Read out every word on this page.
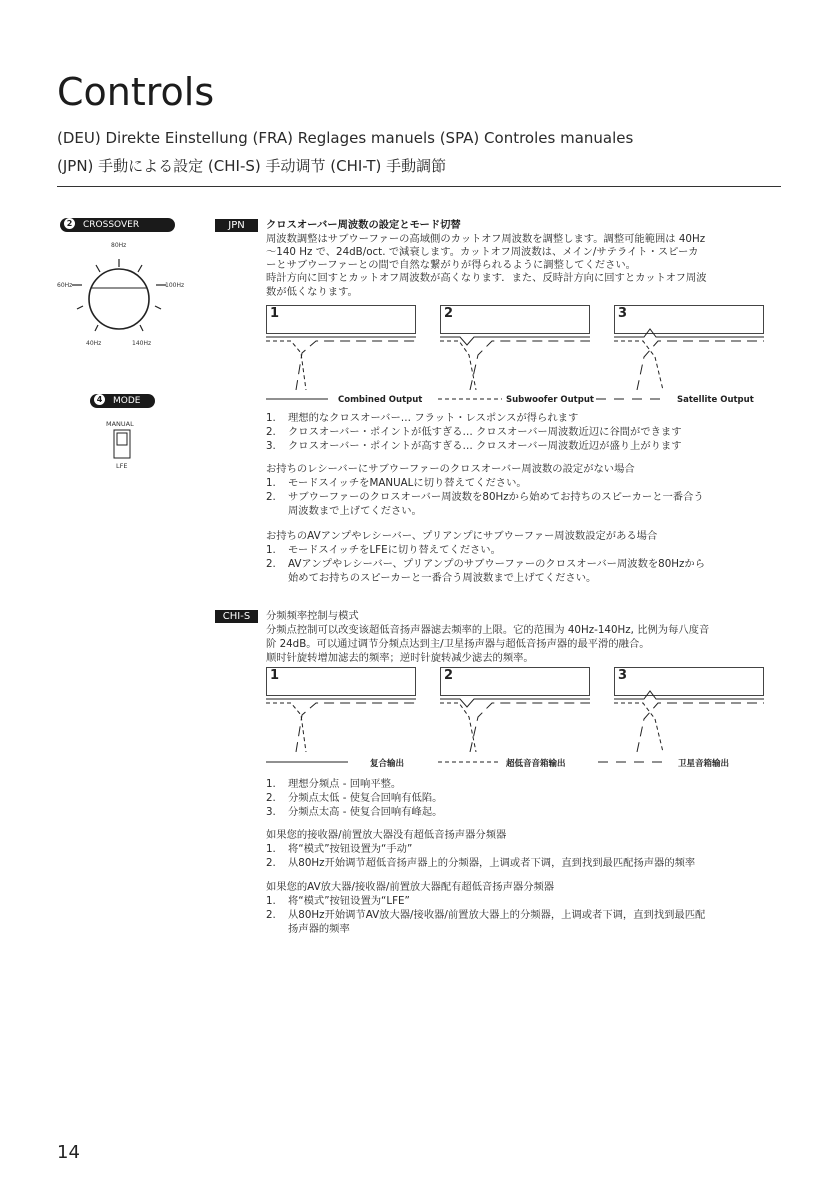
Controls
(DEU) Direkte Einstellung (FRA) Reglages manuels (SPA) Controles manuales
(JPN) 手動による設定 (CHI-S) 手动调节 (CHI-T) 手動調節
2 CROSSOVER
80Hz
60Hz	100Hz
40Hz	140Hz
4 MODE
MANUAL
LFE
JPN	クロスオーバー周波数の設定とモード切替
周波数調整はサブウーファーの高域側のカットオフ周波数を調整します。調整可能範囲は 40Hz
～140 Hz で、24dB/oct. で減衰します。カットオフ周波数は、メイン/サテライト・スピーカ
ーとサブウーファーとの間で自然な繋がりが得られるように調整してください。
時計方向に回すとカットオフ周波数が高くなります．また、反時計方向に回すとカットオフ周波
数が低くなります。
1	2	3
Combined Output	Subwoofer Output	Satellite Output
1. 理想的なクロスオーバー… フラット・レスポンスが得られます
2. クロスオーバー・ポイントが低すぎる… クロスオーバー周波数近辺に谷間ができます
3. クロスオーバー・ポイントが高すぎる… クロスオーバー周波数近辺が盛り上がります
お持ちのレシーバーにサブウーファーのクロスオーバー周波数の設定がない場合
1. モードスイッチをMANUALに切り替えてください。
2. サブウーファーのクロスオーバー周波数を80Hzから始めてお持ちのスピーカーと一番合う
周波数まで上げてください。
お持ちのAVアンプやレシーバー、プリアンプにサブウーファー周波数設定がある場合
1. モードスイッチをLFEに切り替えてください。
2. AVアンプやレシーバー、プリアンプのサブウーファーのクロスオーバー周波数を80Hzから
始めてお持ちのスピーカーと一番合う周波数まで上げてください。
CHI-S	分频频率控制与模式
分频点控制可以改变该超低音扬声器滤去频率的上限。它的范围为 40Hz-140Hz, 比例为每八度音
阶 24dB。可以通过调节分频点达到主/卫星扬声器与超低音扬声器的最平滑的融合。
顺时针旋转增加滤去的频率；逆时针旋转减少滤去的频率。
1	2	3
复合输出	超低音音箱输出	卫星音箱输出
1. 理想分频点 - 回响平整。
2. 分频点太低 - 使复合回响有低陷。
3. 分频点太高 - 使复合回响有峰起。
如果您的接收器/前置放大器没有超低音扬声器分频器
1. 将“模式”按钮设置为“手动”
2. 从80Hz开始调节超低音扬声器上的分频器，上调或者下调，直到找到最匹配扬声器的频率
如果您的AV放大器/接收器/前置放大器配有超低音扬声器分频器
1. 将“模式”按钮设置为“LFE”
2. 从80Hz开始调节AV放大器/接收器/前置放大器上的分频器，上调或者下调，直到找到最匹配
扬声器的频率
14
